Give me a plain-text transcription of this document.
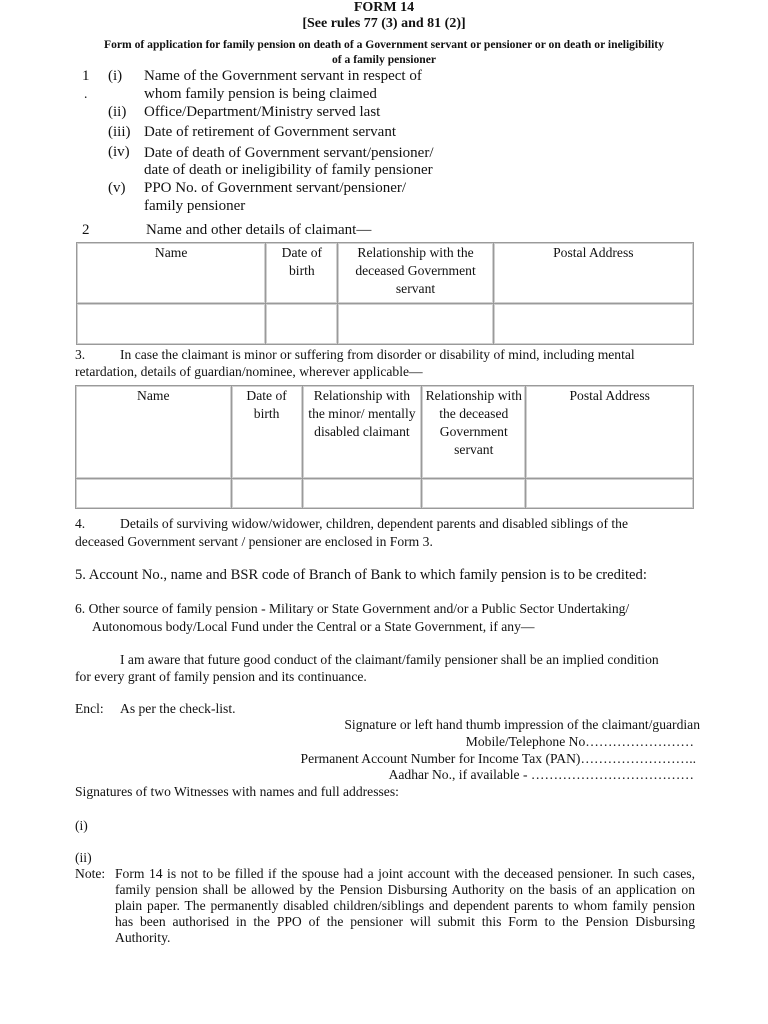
FORM 14
[See rules 77 (3) and 81 (2)]
Form of application for family pension on death of a Government servant or pensioner or on death or ineligibility
of a family pensioner
1
.
(i) Name of the Government servant in respect of
whom family pension is being claimed
(ii) Office/Department/Ministry served last
(iii) Date of retirement of Government servant
(iv) Date of death of Government servant/pensioner/
date of death or ineligibility of family pensioner
(v) PPO No. of Government servant/pensioner/
family pensioner
2	Name and other details of claimant—
Name	Date of birth	Relationship with the deceased Government servant	Postal Address

3.	In case the claimant is minor or suffering from disorder or disability of mind, including mental
retardation, details of guardian/nominee, wherever applicable—
Name	Date of birth	Relationship with the minor/ mentally disabled claimant	Relationship with the deceased Government servant	Postal Address

4.	Details of surviving widow/widower, children, dependent parents and disabled siblings of the
deceased Government servant / pensioner are enclosed in Form 3.
5. Account No., name and BSR code of Branch of Bank to which family pension is to be credited:
6. Other source of family pension - Military or State Government and/or a Public Sector Undertaking/
Autonomous body/Local Fund under the Central or a State Government, if any—
I am aware that future good conduct of the claimant/family pensioner shall be an implied condition
for every grant of family pension and its continuance.
Encl: As per the check-list.
Signature or left hand thumb impression of the claimant/guardian
Mobile/Telephone No……………………
Permanent Account Number for Income Tax (PAN)……………………..
Aadhar No., if available - ………………………………
Signatures of two Witnesses with names and full addresses:
(i)
(ii)
Note: Form 14 is not to be filled if the spouse had a joint account with the deceased pensioner. In such cases, family pension shall be allowed by the Pension Disbursing Authority on the basis of an application on plain paper. The permanently disabled children/siblings and dependent parents to whom family pension has been authorised in the PPO of the pensioner will submit this Form to the Pension Disbursing Authority.
